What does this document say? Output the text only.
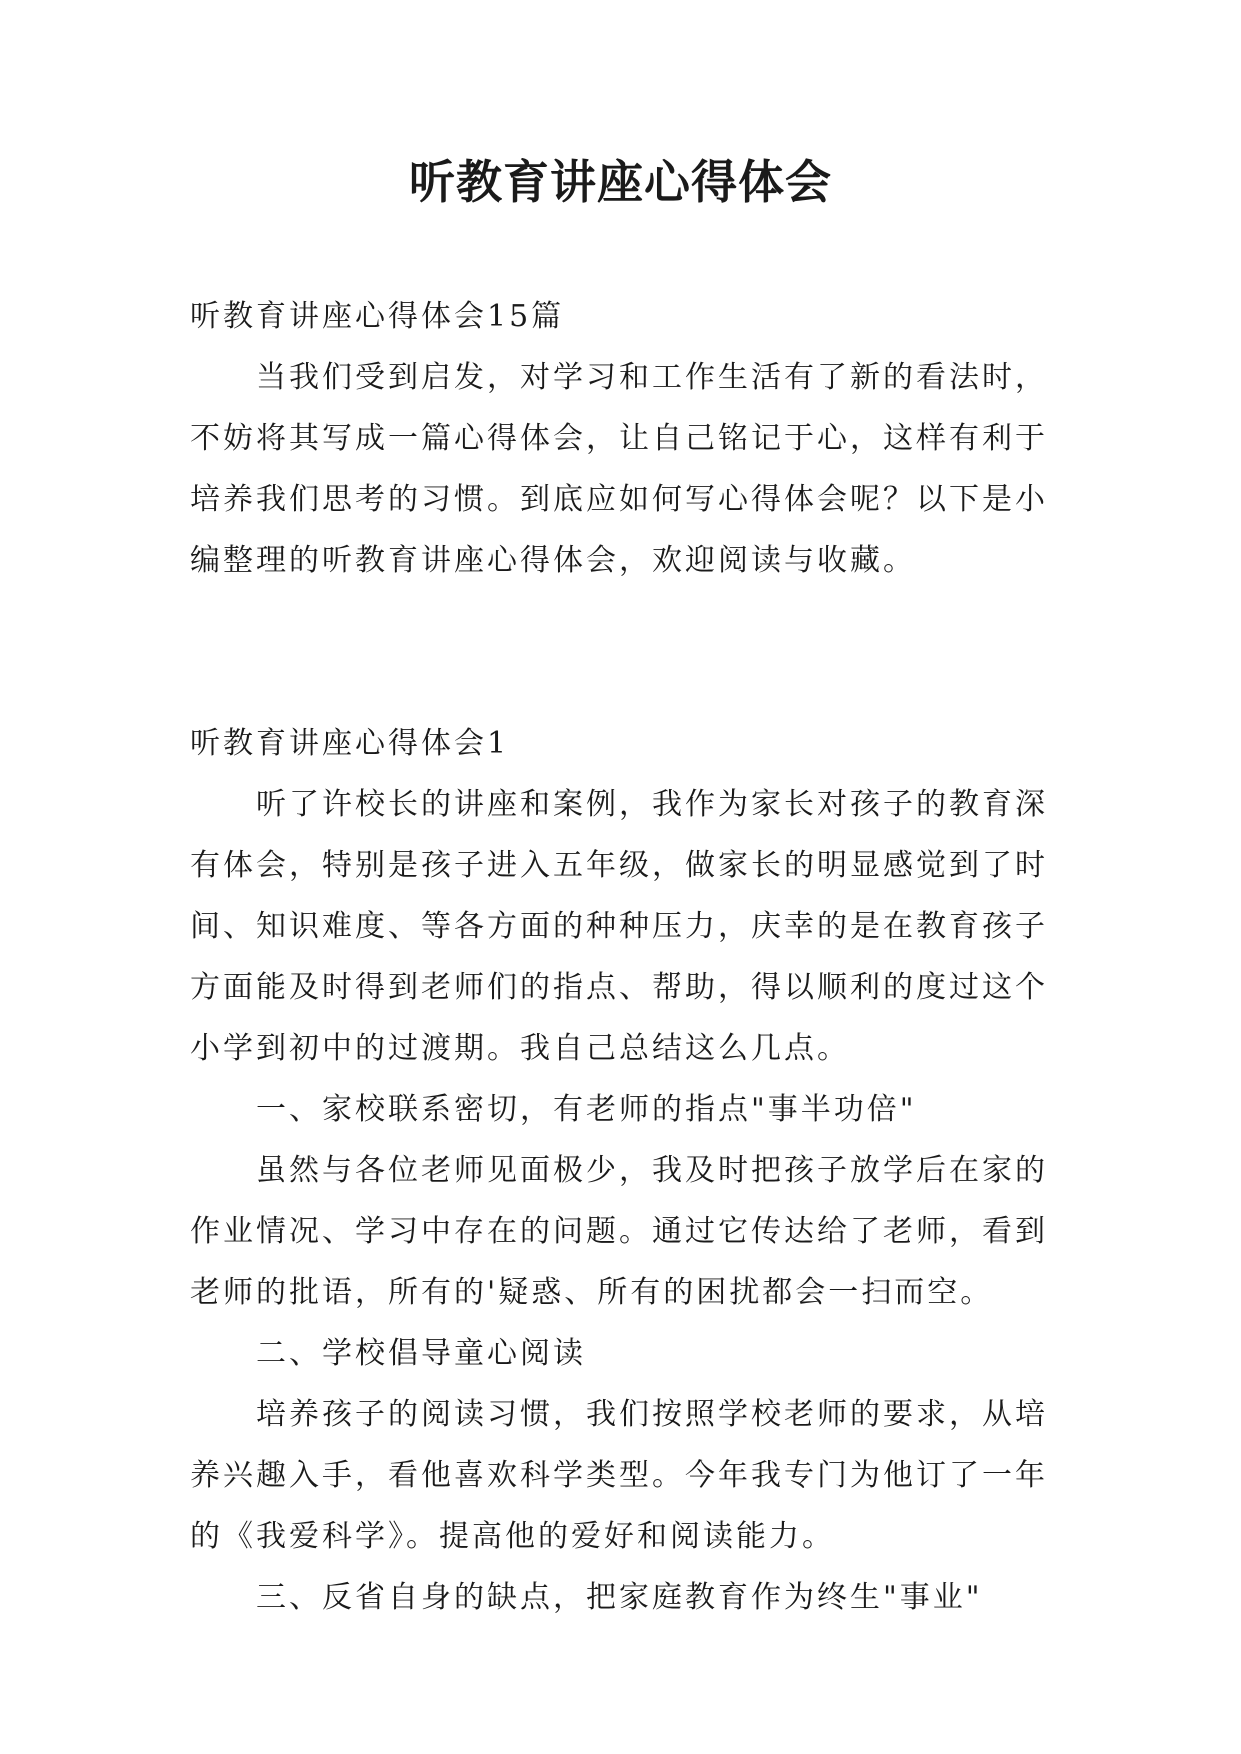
听教育讲座心得体会

听教育讲座心得体会15篇

当我们受到启发，对学习和工作生活有了新的看法时，不妨将其写成一篇心得体会，让自己铭记于心，这样有利于培养我们思考的习惯。到底应如何写心得体会呢？以下是小编整理的听教育讲座心得体会，欢迎阅读与收藏。

听教育讲座心得体会1

听了许校长的讲座和案例，我作为家长对孩子的教育深有体会，特别是孩子进入五年级，做家长的明显感觉到了时间、知识难度、等各方面的种种压力，庆幸的是在教育孩子方面能及时得到老师们的指点、帮助，得以顺利的度过这个小学到初中的过渡期。我自己总结这么几点。

一、家校联系密切，有老师的指点"事半功倍"

虽然与各位老师见面极少，我及时把孩子放学后在家的作业情况、学习中存在的问题。通过它传达给了老师，看到老师的批语，所有的'疑惑、所有的困扰都会一扫而空。

二、学校倡导童心阅读

培养孩子的阅读习惯，我们按照学校老师的要求，从培养兴趣入手，看他喜欢科学类型。今年我专门为他订了一年的《我爱科学》。提高他的爱好和阅读能力。

三、反省自身的缺点，把家庭教育作为终生"事业"
